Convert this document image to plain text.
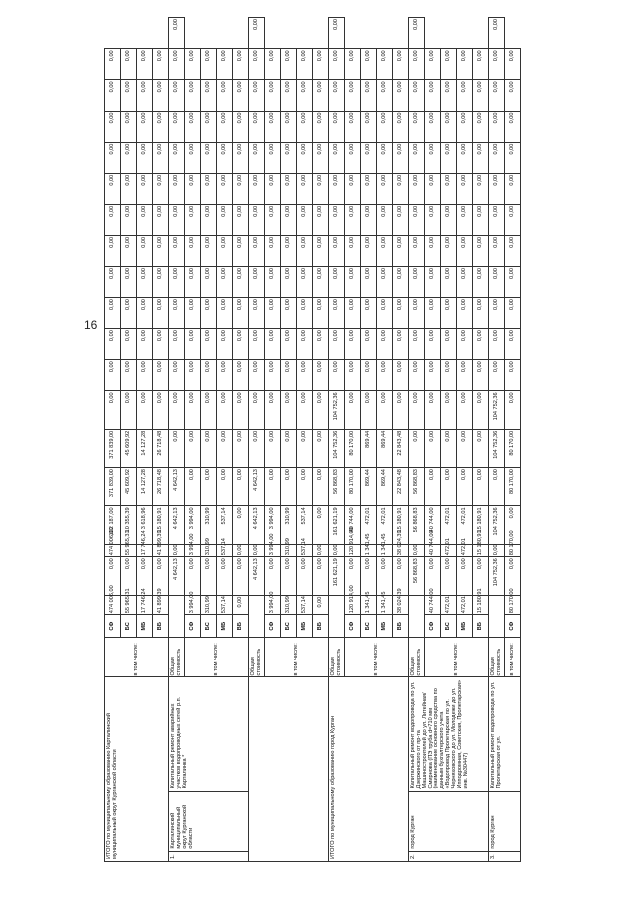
16
ИТОГО по муниципальному образованию Карталинский муниципальный округ Курганской области			в том числе:	СФ	474 006,00	0,00	474 006,00	102 187,00	371 839,00	371 839,00	0,00	0,00	0,00	0,00	0,00	0,00	0,00	0,00	0,00	0,00	0,00	0,00	
				БС	55 965,31	0,00	55 965,31	10 355,39	45 609,92	45 609,92	0,00	0,00	0,00	0,00	0,00	0,00	0,00	0,00	0,00	0,00	0,00	0,00	
				МБ	17 746,24	0,00	17 746,24	3 618,96	14 127,28	14 127,28	0,00	0,00	0,00	0,00	0,00	0,00	0,00	0,00	0,00	0,00	0,00	0,00	
				ВБ	41 899,39	0,00	41 899,39	15 180,91	26 718,48	26 718,48	0,00	0,00	0,00	0,00	0,00	0,00	0,00	0,00	0,00	0,00	0,00	0,00	
1.	Карталинский муниципальный округ Курганской области	Капитальный ремонт аварийных участков водопроводных сетей р.п. Карталинка *	Общая стоимость			4 642,13	0,00	4 642,13	4 642,13	0,00	0,00	0,00	0,00	0,00	0,00	0,00	0,00	0,00	0,00	0,00	0,00	0,00	0,00
			в том числе:	СФ	3 994,00	0,00	3 994,00	3 994,00	0,00	0,00	0,00	0,00	0,00	0,00	0,00	0,00	0,00	0,00	0,00	0,00	0,00	0,00	
				БС	310,99	0,00	310,99	310,99	0,00	0,00	0,00	0,00	0,00	0,00	0,00	0,00	0,00	0,00	0,00	0,00	0,00	0,00	
				МБ	537,14	0,00	537,14	537,14	0,00	0,00	0,00	0,00	0,00	0,00	0,00	0,00	0,00	0,00	0,00	0,00	0,00	0,00	
				ВБ	0,00	0,00	0,00	0,00	0,00	0,00	0,00	0,00	0,00	0,00	0,00	0,00	0,00	0,00	0,00	0,00	0,00	0,00	
			Общая стоимость			4 642,13	0,00	4 642,13	4 642,13	0,00	0,00	0,00	0,00	0,00	0,00	0,00	0,00	0,00	0,00	0,00	0,00	0,00	0,00
			в том числе:	СФ	3 994,00	0,00	3 994,00	3 994,00	0,00	0,00	0,00	0,00	0,00	0,00	0,00	0,00	0,00	0,00	0,00	0,00	0,00	0,00	
				БС	310,99	0,00	310,99	310,99	0,00	0,00	0,00	0,00	0,00	0,00	0,00	0,00	0,00	0,00	0,00	0,00	0,00	0,00	
				МБ	537,14	0,00	537,14	537,14	0,00	0,00	0,00	0,00	0,00	0,00	0,00	0,00	0,00	0,00	0,00	0,00	0,00	0,00	
				ВБ	0,00	0,00	0,00	0,00	0,00	0,00	0,00	0,00	0,00	0,00	0,00	0,00	0,00	0,00	0,00	0,00	0,00	0,00	
ИТОГО по муниципальному образованию город Курган			Общая стоимость			161 621,19	0,00	161 621,19	56 868,83	104 752,36	104 752,36	0,00	0,00	0,00	0,00	0,00	0,00	0,00	0,00	0,00	0,00	0,00	0,00
			в том числе:	СФ	120 914,00	0,00	120 914,00	40 744,00	80 170,00	80 170,00	0,00	0,00	0,00	0,00	0,00	0,00	0,00	0,00	0,00	0,00	0,00	0,00	
				БС	1 341,45	0,00	1 341,45	472,01	869,44	869,44	0,00	0,00	0,00	0,00	0,00	0,00	0,00	0,00	0,00	0,00	0,00	0,00	
				МБ	1 341,45	0,00	1 341,45	472,01	869,44	869,44	0,00	0,00	0,00	0,00	0,00	0,00	0,00	0,00	0,00	0,00	0,00	0,00	
				ВБ	38 024,39	0,00	38 024,39	15 180,91	22 843,48	22 843,48	0,00	0,00	0,00	0,00	0,00	0,00	0,00	0,00	0,00	0,00	0,00	0,00	
2.	город Курган	Капитальный ремонт водопровода по ул. Дзержинского от пр-та Машиностроителей до ул. Литейная/Смирнова (ПЭ труба d=710 мм (наименование основного средства по данным бухгалтерского учета «Водопровод Пролетарская по ул. Черняховского до ул. Молодежи до ул. Ипподромная, Советская, Пролетарская» инв. №30447)	Общая стоимость			56 868,83	0,00	56 868,83	56 868,83	0,00	0,00	0,00	0,00	0,00	0,00	0,00	0,00	0,00	0,00	0,00	0,00	0,00	0,00
			в том числе:	СФ	40 744,00	0,00	40 744,00	40 744,00	0,00	0,00	0,00	0,00	0,00	0,00	0,00	0,00	0,00	0,00	0,00	0,00	0,00	0,00	
				БС	472,01	0,00	472,01	472,01	0,00	0,00	0,00	0,00	0,00	0,00	0,00	0,00	0,00	0,00	0,00	0,00	0,00	0,00	
				МБ	472,01	0,00	472,01	472,01	0,00	0,00	0,00	0,00	0,00	0,00	0,00	0,00	0,00	0,00	0,00	0,00	0,00	0,00	
				ВБ	15 180,91	0,00	15 180,91	15 180,91	0,00	0,00	0,00	0,00	0,00	0,00	0,00	0,00	0,00	0,00	0,00	0,00	0,00	0,00	
3.	город Курган	Капитальный ремонт водопровода по ул. Пролетарская от ул.	Общая стоимость			104 752,36	0,00	104 752,36	0,00	104 752,36	104 752,36	0,00	0,00	0,00	0,00	0,00	0,00	0,00	0,00	0,00	0,00	0,00	0,00
			в том числе:	СФ	80 170,00	0,00	80 170,00	0,00	80 170,00	80 170,00	0,00	0,00	0,00	0,00	0,00	0,00	0,00	0,00	0,00	0,00	0,00	0,00	
